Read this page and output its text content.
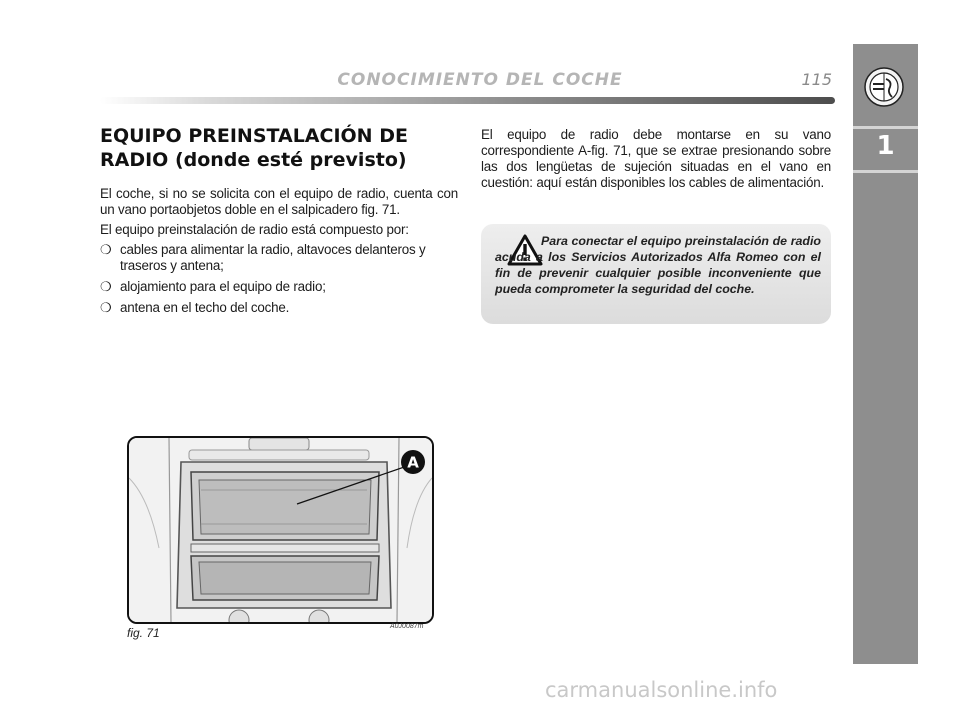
CONOCIMIENTO DEL COCHE	115
1
EQUIPO PREINSTALACIÓN DE
RADIO (donde esté previsto)

El coche, si no se solicita con el equipo de radio, cuenta con un vano portaobjetos doble en el salpicadero fig. 71.

El equipo preinstalación de radio está compuesto por:

❍ cables para alimentar la radio, altavoces delanteros y traseros y antena;
❍ alojamiento para el equipo de radio;
❍ antena en el techo del coche.

El equipo de radio debe montarse en su vano correspondiente A-fig. 71, que se extrae presionando sobre las dos lengüetas de sujeción situadas en el vano en cuestión: aquí están disponibles los cables de alimentación.

Para conectar el equipo preinstalación de radio acuda a los Servicios Autorizados Alfa Romeo con el fin de prevenir cualquier posible inconveniente que pueda comprometer la seguridad del coche.
A
fig. 71	A0J0087m
carmanualsonline.info
